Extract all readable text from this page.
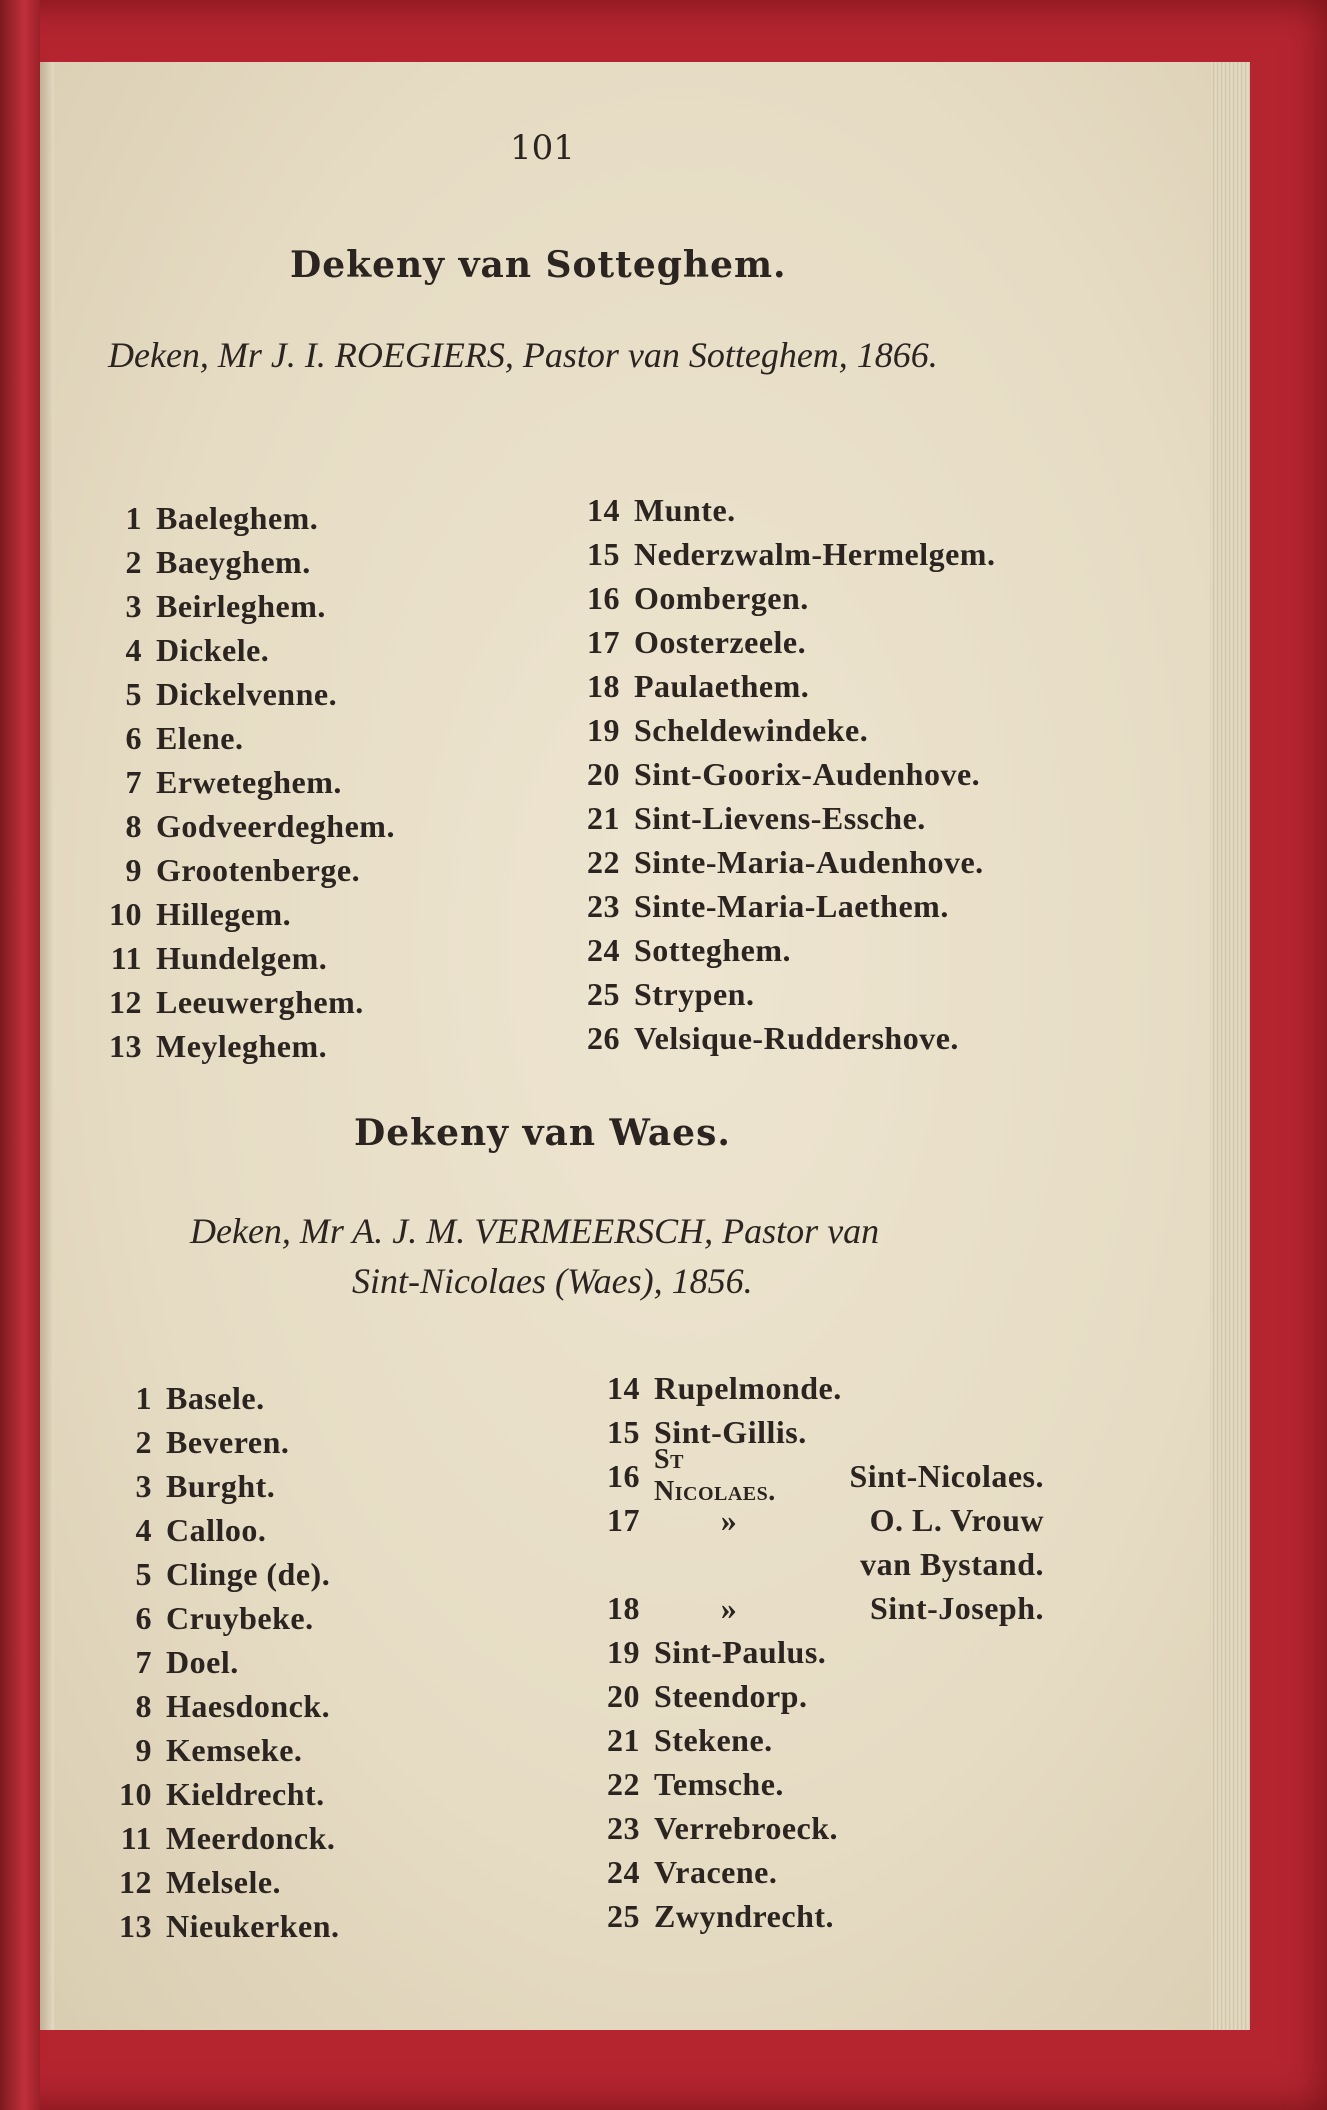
101
Dekeny van Sotteghem.
Deken, Mr J. I. ROEGIERS, Pastor van Sotteghem, 1866.
1 Baeleghem.
2 Baeyghem.
3 Beirleghem.
4 Dickele.
5 Dickelvenne.
6 Elene.
7 Erweteghem.
8 Godveerdeghem.
9 Grootenberge.
10 Hillegem.
11 Hundelgem.
12 Leeuwerghem.
13 Meyleghem.
14 Munte.
15 Nederzwalm-Hermelgem.
16 Oombergen.
17 Oosterzeele.
18 Paulaethem.
19 Scheldewindeke.
20 Sint-Goorix-Audenhove.
21 Sint-Lievens-Essche.
22 Sinte-Maria-Audenhove.
23 Sinte-Maria-Laethem.
24 Sotteghem.
25 Strypen.
26 Velsique-Ruddershove.
Dekeny van Waes.
Deken, Mr A. J. M. VERMEERSCH, Pastor van
Sint-Nicolaes (Waes), 1856.
1 Basele.
2 Beveren.
3 Burght.
4 Calloo.
5 Clinge (de).
6 Cruybeke.
7 Doel.
8 Haesdonck.
9 Kemseke.
10 Kieldrecht.
11 Meerdonck.
12 Melsele.
13 Nieukerken.
14 Rupelmonde.
15 Sint-Gillis.
16 St Nicolaes.	Sint-Nicolaes.
17	»	O. L. Vrouw
van Bystand.
18	»	Sint-Joseph.
19 Sint-Paulus.
20 Steendorp.
21 Stekene.
22 Temsche.
23 Verrebroeck.
24 Vracene.
25 Zwyndrecht.
